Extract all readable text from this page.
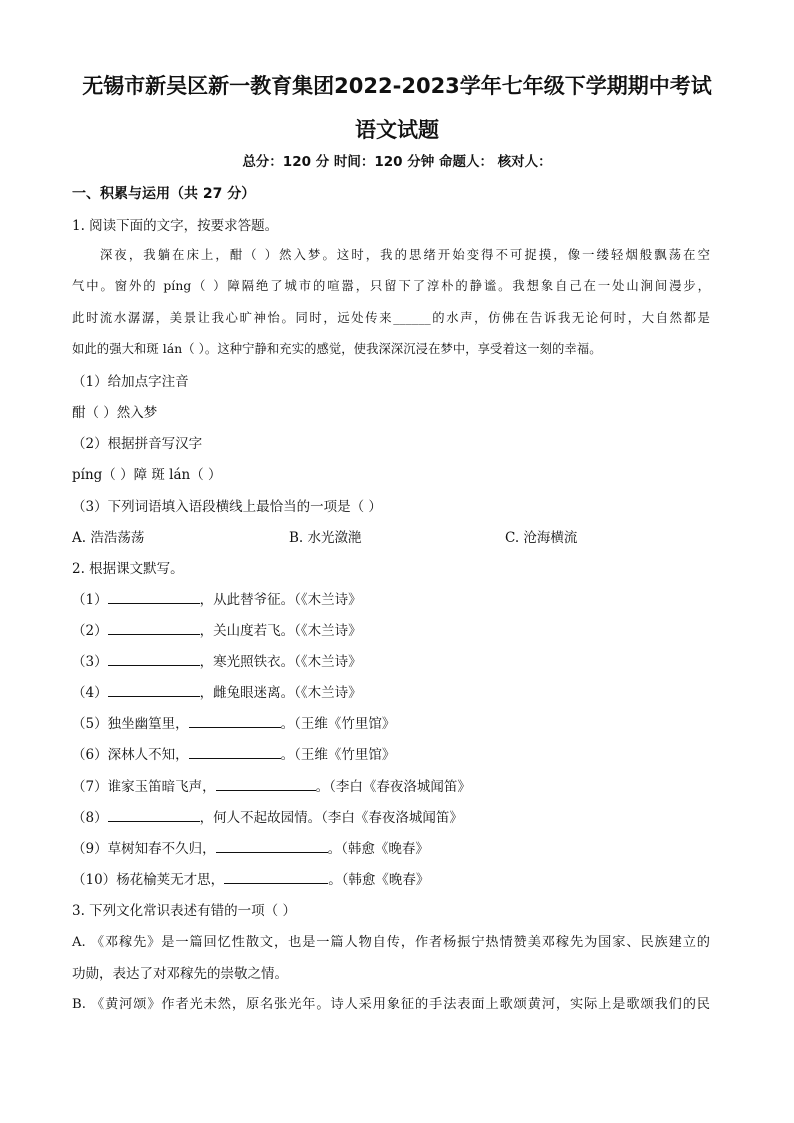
无锡市新吴区新一教育集团2022-2023学年七年级下学期期中考试
语文试题
总分：120 分 时间：120 分钟 命题人： 核对人：
一、积累与运用（共 27 分）
1. 阅读下面的文字，按要求答题。
深夜，我躺在床上，酣（ ）然入梦。这时，我的思绪开始变得不可捉摸，像一缕轻烟般飘荡在空
气中。窗外的 píng（ ）障隔绝了城市的喧嚣，只留下了淳朴的静谧。我想象自己在一处山涧间漫步，
此时流水潺潺，美景让我心旷神怡。同时，远处传来______的水声，仿佛在告诉我无论何时，大自然都是
如此的强大和斑 lán（ ）。这种宁静和充实的感觉，使我深深沉浸在梦中，享受着这一刻的幸福。
（1）给加点字注音
酣（ ）然入梦
（2）根据拼音写汉字
píng（ ）障 斑 lán（ ）
（3）下列词语填入语段横线上最恰当的一项是（ ）
A. 浩浩荡荡	B. 水光潋滟	C. 沧海横流
2. 根据课文默写。
（1）	，从此替爷征。（《木兰诗》
（2）	，关山度若飞。（《木兰诗》
（3）	，寒光照铁衣。（《木兰诗》
（4）	，雌兔眼迷离。（《木兰诗》
（5）独坐幽篁里，	。（王维《竹里馆》
（6）深林人不知，	。（王维《竹里馆》
（7）谁家玉笛暗飞声，	。（李白《春夜洛城闻笛》
（8）	，何人不起故园情。（李白《春夜洛城闻笛》
（9）草树知春不久归，	。（韩愈《晚春》
（10）杨花榆荚无才思，	。（韩愈《晚春》
3. 下列文化常识表述有错的一项（ ）
A. 《邓稼先》是一篇回忆性散文，也是一篇人物自传，作者杨振宁热情赞美邓稼先为国家、民族建立的
功勋，表达了对邓稼先的崇敬之情。
B. 《黄河颂》作者光未然，原名张光年。诗人采用象征的手法表面上歌颂黄河，实际上是歌颂我们的民
